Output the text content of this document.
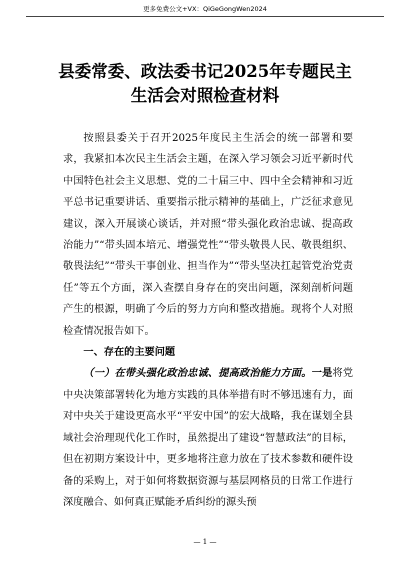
更多免费公文+VX：QiGeGongWen2024
县委常委、政法委书记2025年专题民主
生活会对照检查材料

按照县委关于召开2025年度民主生活会的统一部署和要求，我紧扣本次民主生活会主题，在深入学习领会习近平新时代中国特色社会主义思想、党的二十届三中、四中全会精神和习近平总书记重要讲话、重要指示批示精神的基础上，广泛征求意见建议，深入开展谈心谈话，并对照“带头强化政治忠诚、提高政治能力”“带头固本培元、增强党性”“带头敬畏人民、敬畏组织、敬畏法纪”“带头干事创业、担当作为”“带头坚决扛起管党治党责任”等五个方面，深入查摆自身存在的突出问题，深刻剖析问题产生的根源，明确了今后的努力方向和整改措施。现将个人对照检查情况报告如下。

一、存在的主要问题

（一）在带头强化政治忠诚、提高政治能力方面。一是将党中央决策部署转化为地方实践的具体举措有时不够迅速有力，面对中央关于建设更高水平“平安中国”的宏大战略，我在谋划全县域社会治理现代化工作时，虽然提出了建设“智慧政法”的目标，但在初期方案设计中，更多地将注意力放在了技术参数和硬件设备的采购上，对于如何将数据资源与基层网格员的日常工作进行深度融合、如何真正赋能矛盾纠纷的源头预

— 1 —
